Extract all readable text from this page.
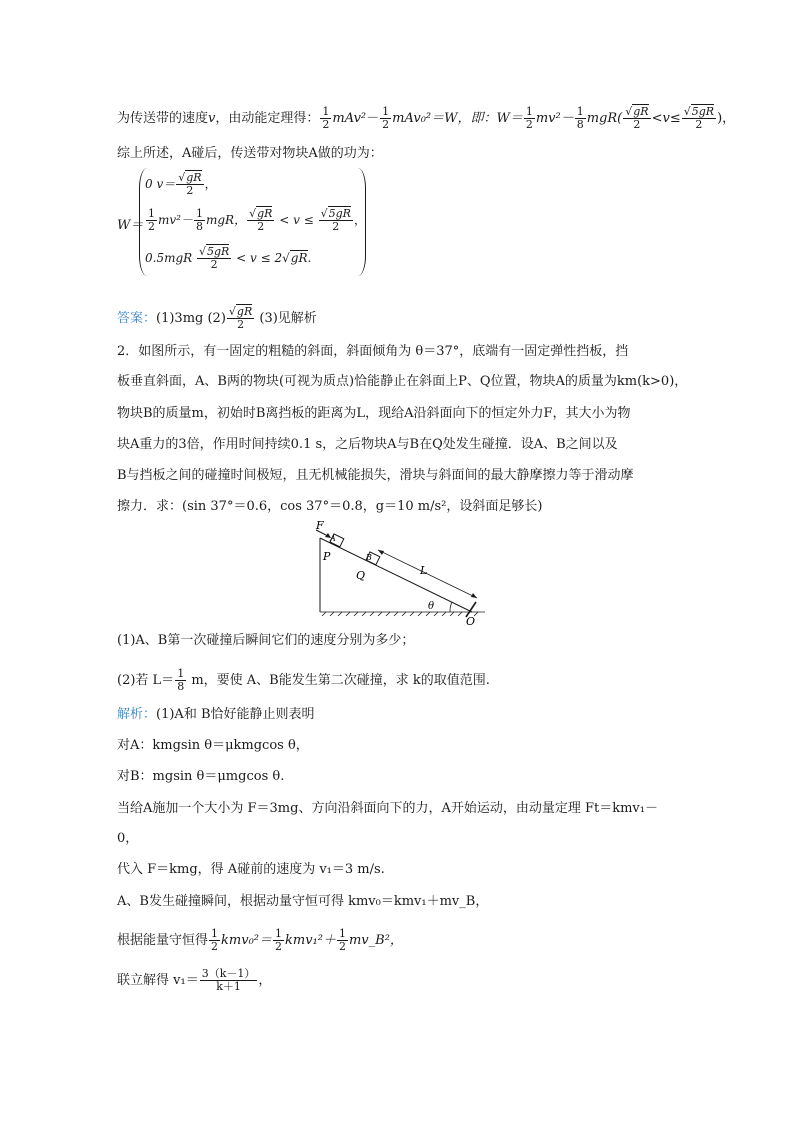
为传送带的速度v，由动能定理得： $\frac{1}{2} mAv^2- \frac{1}{2} mAv_0^2=W$，即：$W= \frac{1}{2} mv^2- \frac{1}{8} mgR( \frac{√gR}{2} <v\le \frac{√5gR}{2}$ )，
综上所述，A碰后，传送带对物块A做的功为：
W＝
0 $v= \frac{√gR}{2}$ ，
$\frac{1}{2} mv^2- \frac{1}{8}$ mgR， $\frac{√gR}{2} < v \le \frac{√5gR}{2}$ ，
$0.5mgR \frac{√5gR}{2} < v \le 2√gR$.
答案：(1)3mg $(2) \frac{√gR}{2} (3)$见解析
2．如图所示，有一固定的粗糙的斜面，斜面倾角为 θ＝37°，底端有一固定弹性挡板，挡
板垂直斜面，A、B两的物块(可视为质点)恰能静止在斜面上P、Q位置，物块A的质量为km(k>0)，
物块B的质量m，初始时B离挡板的距离为L，现给A沿斜面向下的恒定外力F，其大小为物
块A重力的3倍，作用时间持续0.1 s，之后物块A与B在Q处发生碰撞．设A、B之间以及
B与挡板之间的碰撞时间极短，且无机械能损失，滑块与斜面间的最大静摩擦力等于滑动摩
擦力．求：(sin 37°＝0.6，cos 37°＝0.8，g＝10 m/s²，设斜面足够长)
A
B
F
P
Q	L
θ
O
(1)A、B第一次碰撞后瞬间它们的速度分别为多少；
(2)若 $L= \frac{1}{8}$ m，要使 A、B能发生第二次碰撞，求 k的取值范围.
解析：(1)A和 B恰好能静止则表明
对A：kmgsin θ＝μkmgcos θ，
对B：mgsin θ＝μmgcos θ.
当给A施加一个大小为 F＝3mg、方向沿斜面向下的力，A开始运动，由动量定理 Ft＝kmv₁－
0，
代入 F＝kmg，得 A碰前的速度为 v₁＝3 m/s.
A、B发生碰撞瞬间，根据动量守恒可得 kmv₀＝kmv₁＋mv_B，
根据能量守恒得 $\frac{1}{2} kmv_0^2= \frac{1}{2} kmv_1^2+ \frac{1}{2}$ mv_B²，
联立解得 $v_1= \frac{3(k-1)}{k+1}$ ，
